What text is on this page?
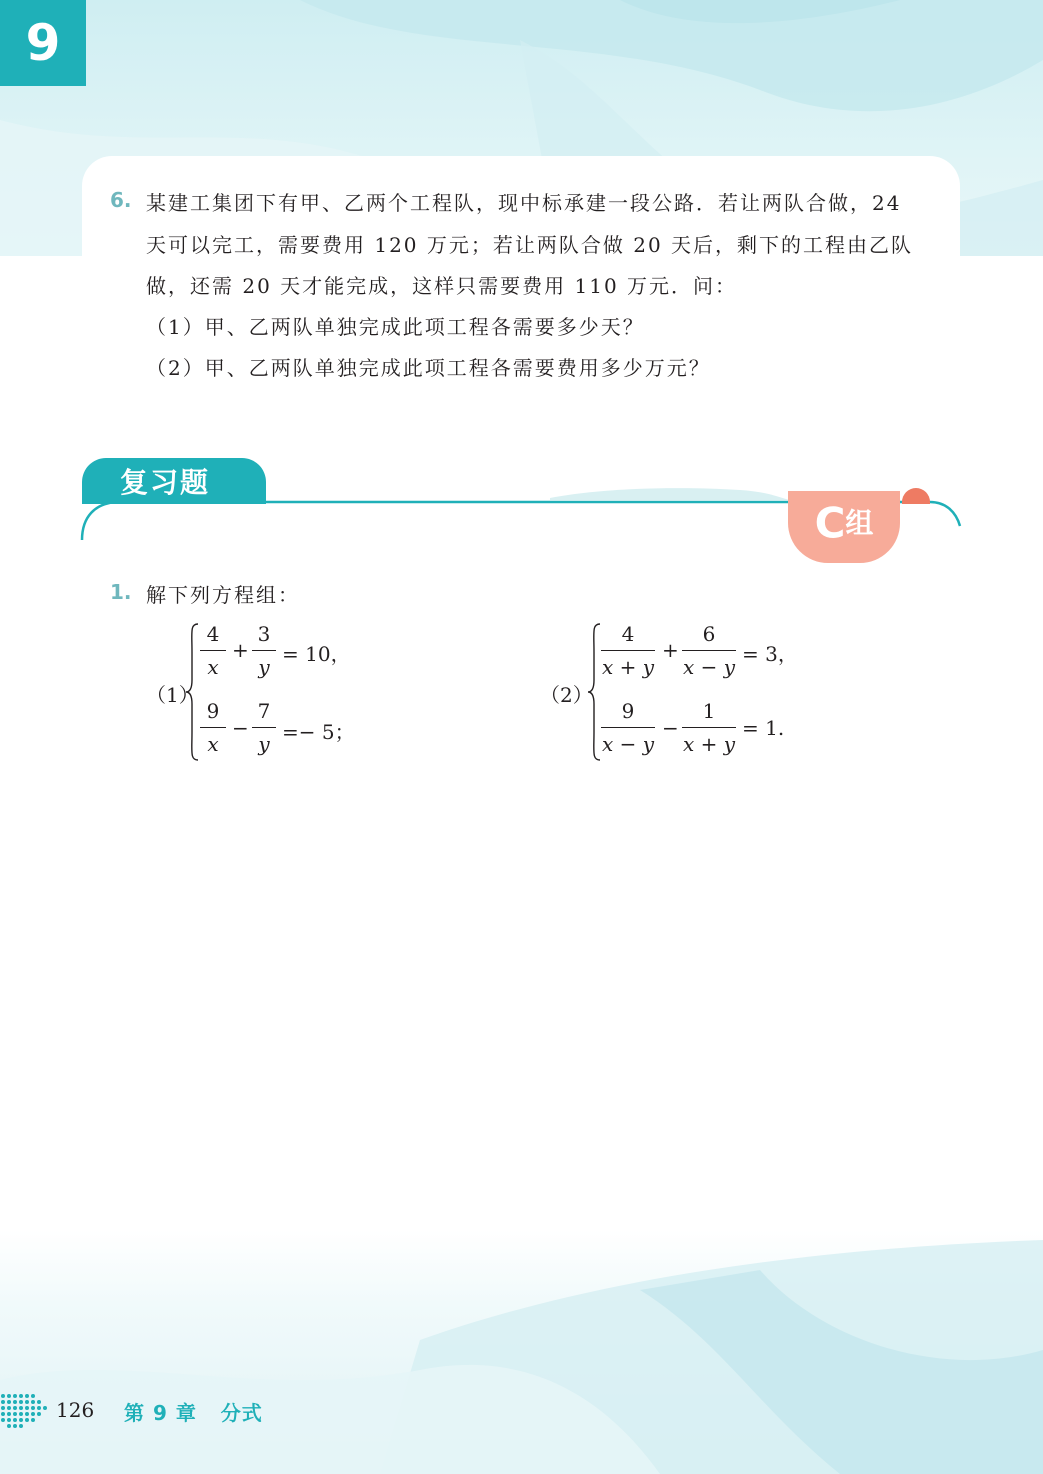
9
6. 某建工集团下有甲、乙两个工程队，现中标承建一段公路．若让两队合做，24
天可以完工，需要费用 120 万元；若让两队合做 20 天后，剩下的工程由乙队
做，还需 20 天才能完成，这样只需要费用 110 万元．问：
（1）甲、乙两队单独完成此项工程各需要多少天？
（2）甲、乙两队单独完成此项工程各需要费用多少万元？
复习题
C组
1. 解下列方程组：
（1）
4
x
+
3
y
= 10，
9
x
−
7
y =− 5；
（2）
4
x + y
+
6
x − y
= 3，
9
x − y
−
1
x + y
= 1.
126 第 9 章 分式
